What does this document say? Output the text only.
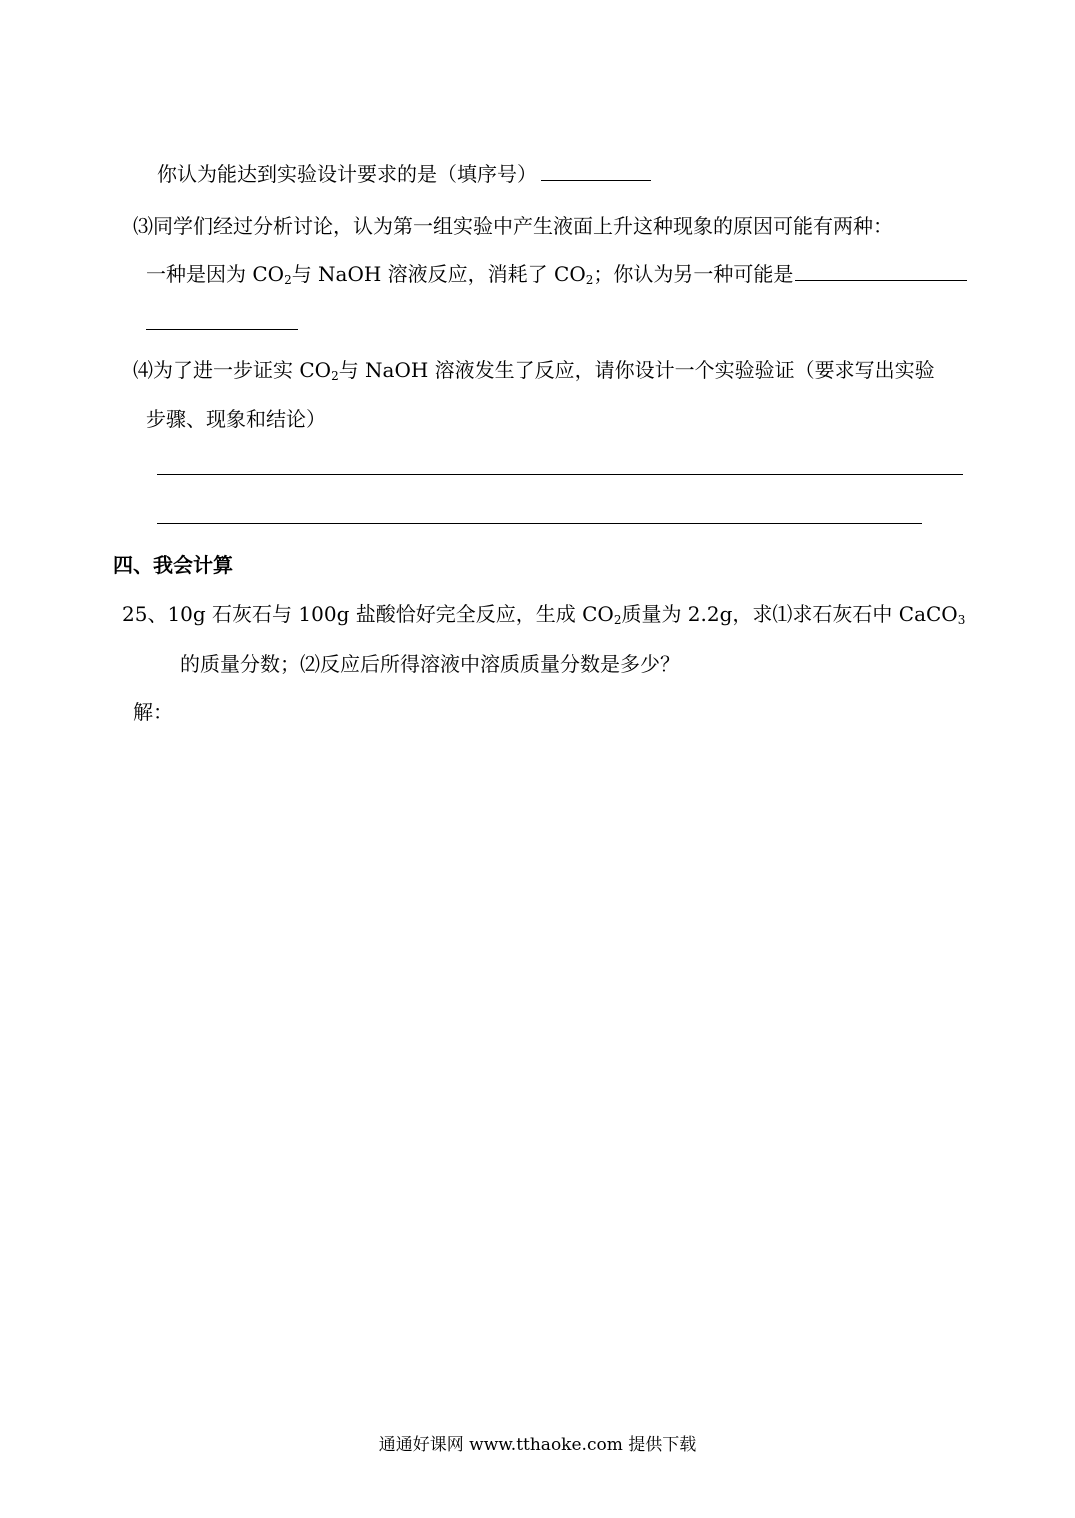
你认为能达到实验设计要求的是（填序号）
⑶同学们经过分析讨论，认为第一组实验中产生液面上升这种现象的原因可能有两种：
一种是因为 $CO_2$与 NaOH 溶液反应，消耗了 $CO_2$；你认为另一种可能是
⑷为了进一步证实 $CO_2$与 NaOH 溶液发生了反应，请你设计一个实验验证（要求写出实验
步骤、现象和结论）
四、我会计算
25、10g 石灰石与 100g 盐酸恰好完全反应，生成 $CO_2$质量为 2.2g，求⑴求石灰石中 CaCO$_3$
的质量分数；⑵反应后所得溶液中溶质质量分数是多少？
解：
通通好课网 www.tthaoke.com 提供下载
